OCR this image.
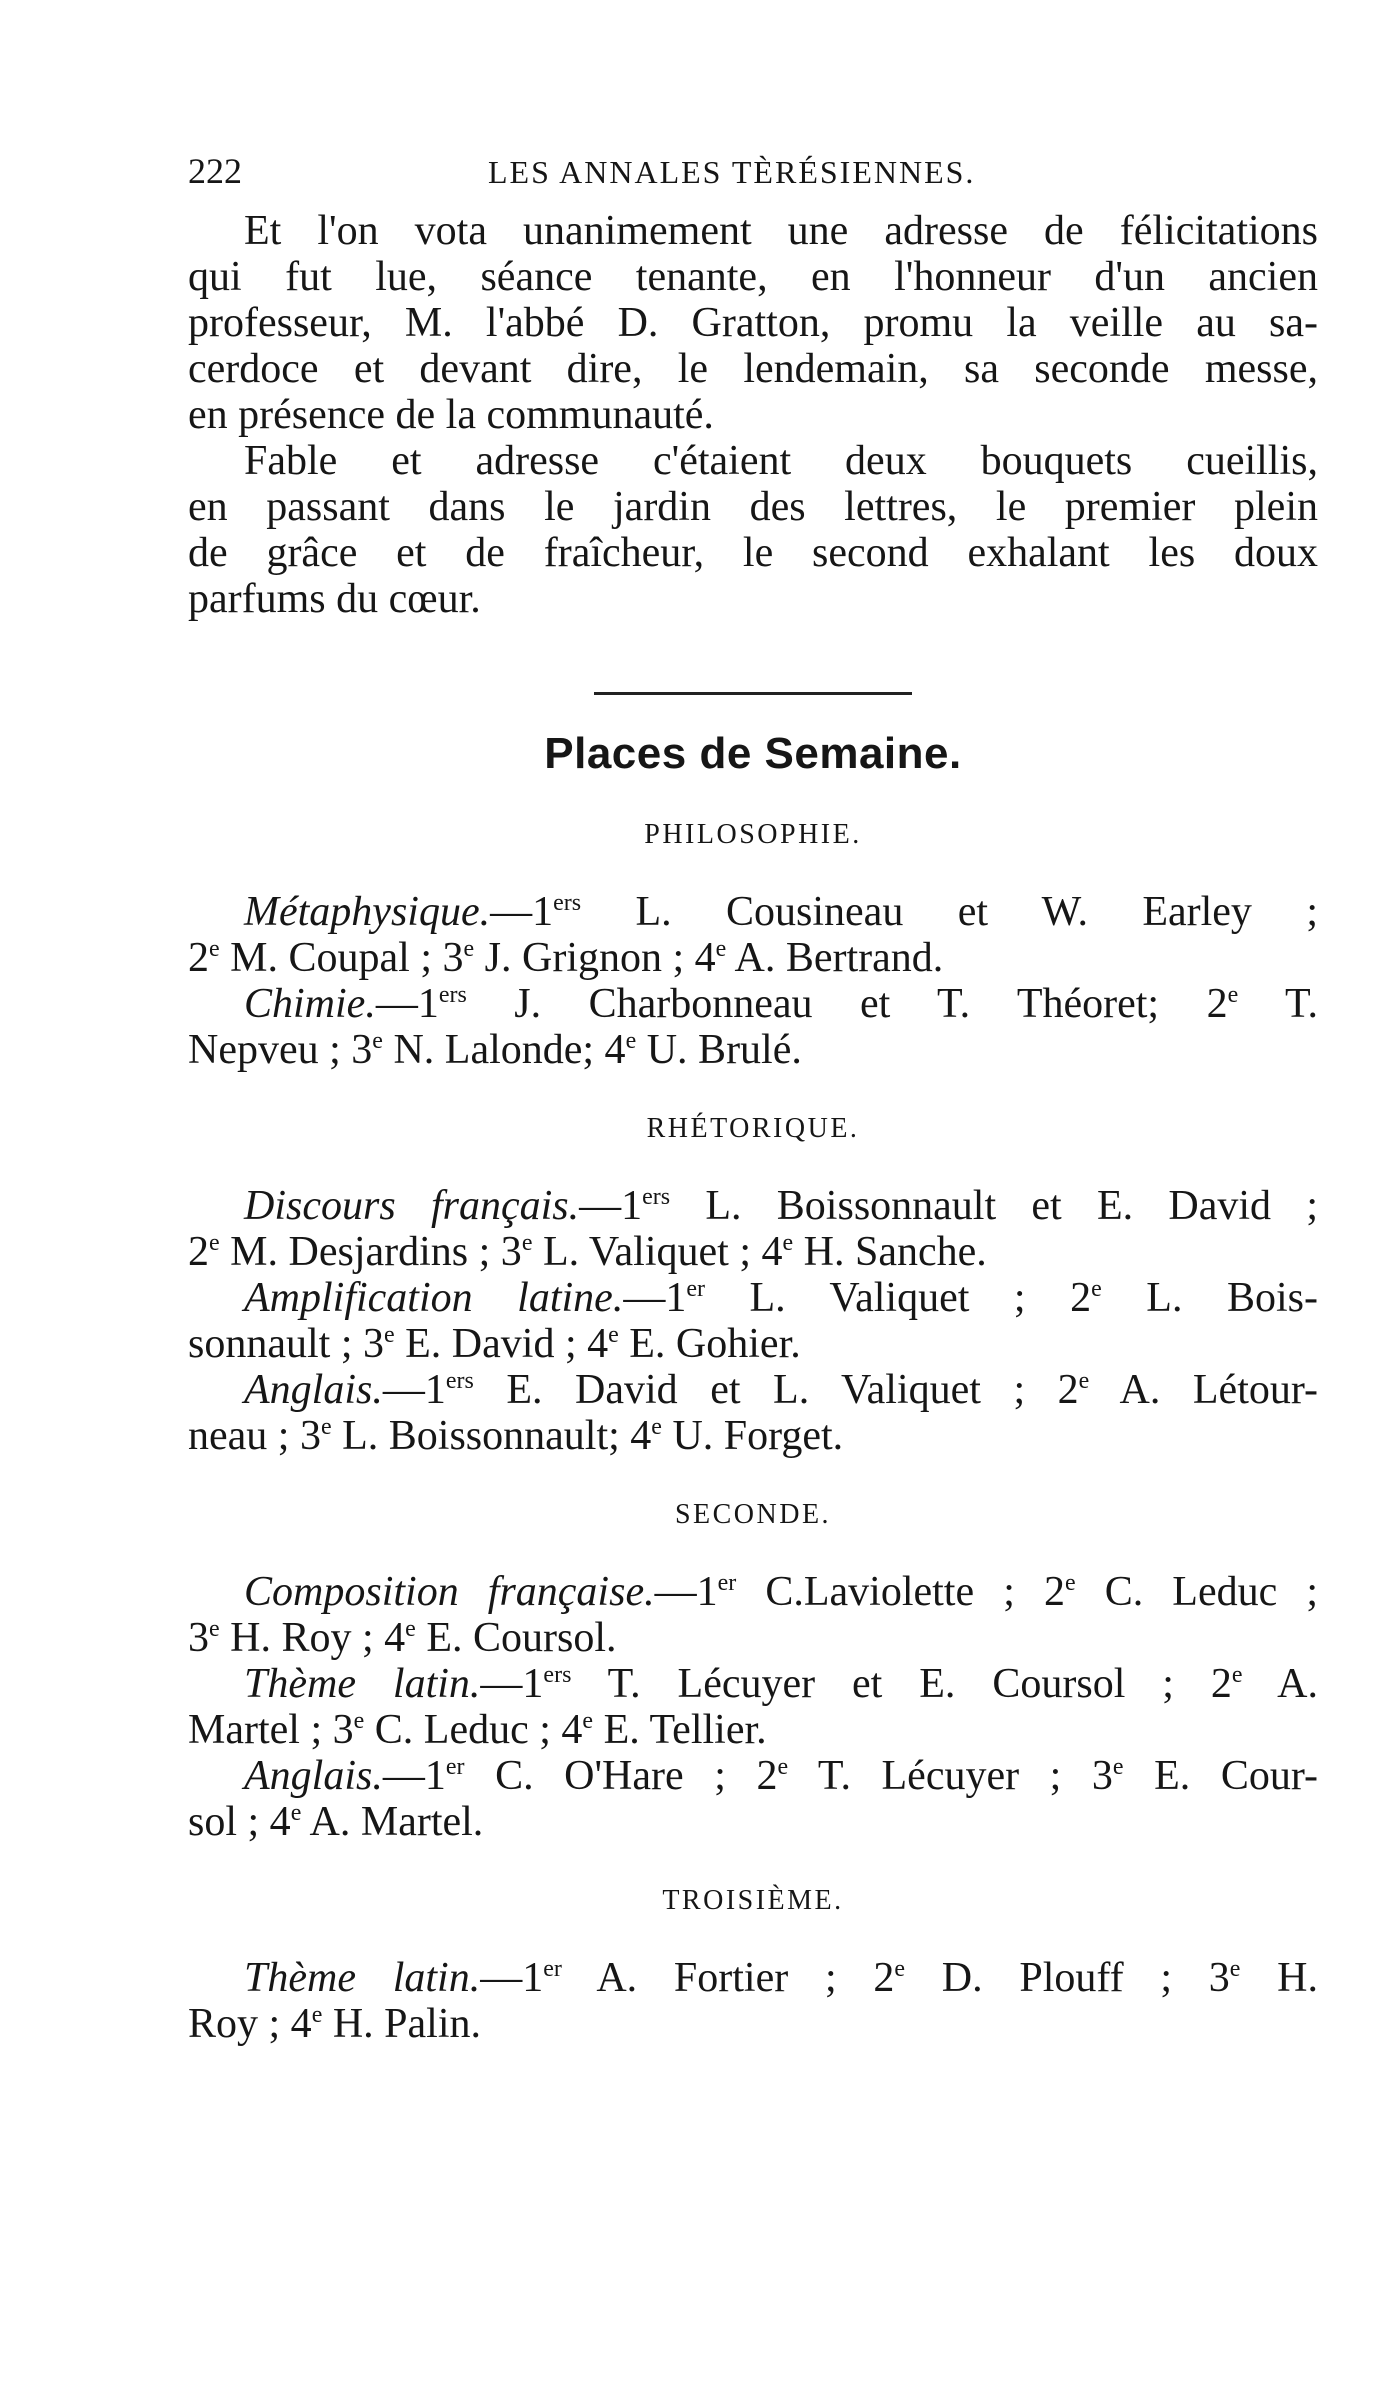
222	LES ANNALES TÈRÉSIENNES.
Et l'on vota unanimement une adresse de félicitations
qui fut lue, séance tenante, en l'honneur d'un ancien
professeur, M. l'abbé D. Gratton, promu la veille au sa-
cerdoce et devant dire, le lendemain, sa seconde messe,
en présence de la communauté.
Fable et adresse c'étaient deux bouquets cueillis,
en passant dans le jardin des lettres, le premier plein
de grâce et de fraîcheur, le second exhalant les doux
parfums du cœur.
Places de Semaine.
PHILOSOPHIE.
Métaphysique.—1ers L. Cousineau et W. Earley ;
2e M. Coupal ; 3e J. Grignon ; 4e A. Bertrand.
Chimie.—1ers J. Charbonneau et T. Théoret; 2e T.
Nepveu ; 3e N. Lalonde; 4e U. Brulé.
RHÉTORIQUE.
Discours français.—1ers L. Boissonnault et E. David ;
2e M. Desjardins ; 3e L. Valiquet ; 4e H. Sanche.
Amplification latine.—1er L. Valiquet ; 2e L. Bois-
sonnault ; 3e E. David ; 4e E. Gohier.
Anglais.—1ers E. David et L. Valiquet ; 2e A. Létour-
neau ; 3e L. Boissonnault; 4e U. Forget.
SECONDE.
Composition française.—1er C.Laviolette ; 2e C. Leduc ;
3e H. Roy ; 4e E. Coursol.
Thème latin.—1ers T. Lécuyer et E. Coursol ; 2e A.
Martel ; 3e C. Leduc ; 4e E. Tellier.
Anglais.—1er C. O'Hare ; 2e T. Lécuyer ; 3e E. Cour-
sol ; 4e A. Martel.
TROISIÈME.
Thème latin.—1er A. Fortier ; 2e D. Plouff ; 3e H.
Roy ; 4e H. Palin.
